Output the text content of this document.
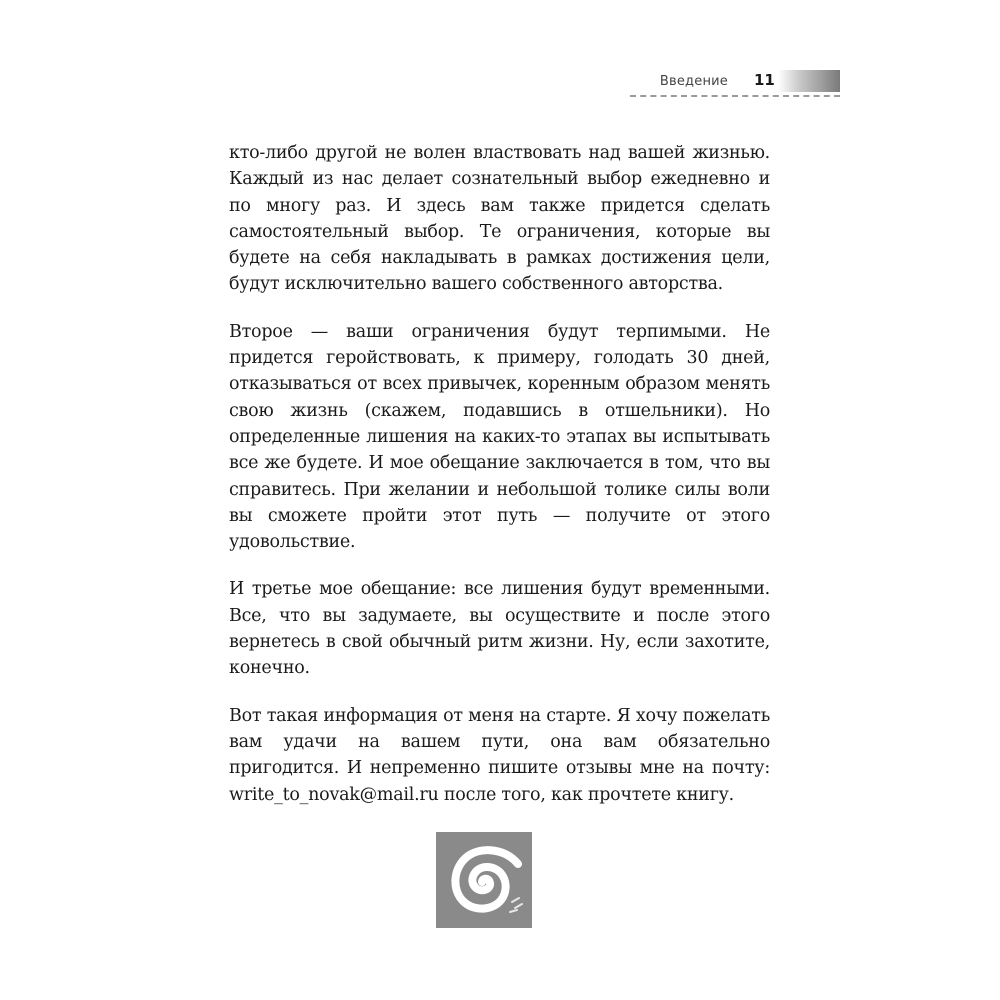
Введение 11

кто-либо другой не волен властвовать над вашей жизнью. Каждый из нас делает сознательный выбор ежедневно и по многу раз. И здесь вам также придется сделать самостоятельный выбор. Те ограничения, которые вы будете на себя накладывать в рамках достижения цели, будут исключительно вашего собственного авторства.

Второе — ваши ограничения будут терпимыми. Не придется геройствовать, к примеру, голодать 30 дней, отказываться от всех привычек, коренным образом менять свою жизнь (скажем, подавшись в отшельники). Но определенные лишения на каких-то этапах вы испытывать все же будете. И мое обещание заключается в том, что вы справитесь. При желании и небольшой толике силы воли вы сможете пройти этот путь — получите от этого удовольствие.

И третье мое обещание: все лишения будут временными. Все, что вы задумаете, вы осуществите и после этого вернетесь в свой обычный ритм жизни. Ну, если захотите, конечно.

Вот такая информация от меня на старте. Я хочу пожелать вам удачи на вашем пути, она вам обязательно пригодится. И непременно пишите отзывы мне на почту: write_to_novak@mail.ru после того, как прочтете книгу.
